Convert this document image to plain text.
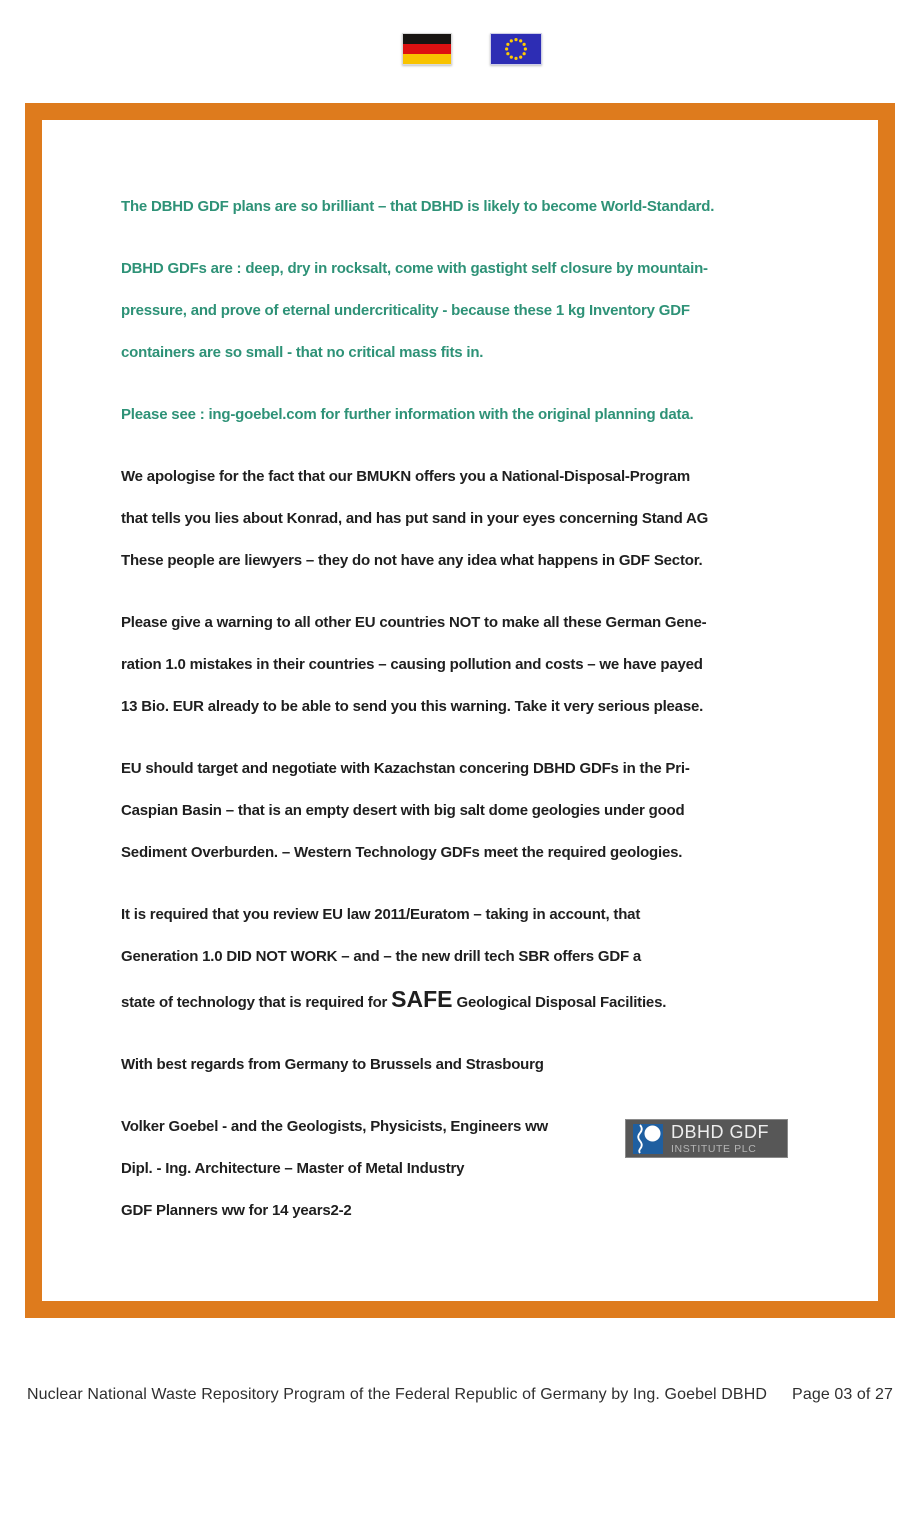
The DBHD GDF plans are so brilliant – that DBHD is likely to become World-Standard.

DBHD GDFs are : deep, dry in rocksalt, come with gastight self closure by mountain-
pressure, and prove of eternal undercriticality - because these 1 kg Inventory GDF
containers are so small - that no critical mass fits in.

Please see : ing-goebel.com for further information with the original planning data.

We apologise for the fact that our BMUKN offers you a National-Disposal-Program
that tells you lies about Konrad, and has put sand in your eyes concerning Stand AG
These people are liewyers – they do not have any idea what happens in GDF Sector.

Please give a warning to all other EU countries NOT to make all these German Gene-
ration 1.0 mistakes in their countries – causing pollution and costs – we have payed
13 Bio. EUR already to be able to send you this warning. Take it very serious please.

EU should target and negotiate with Kazachstan concering DBHD GDFs in the Pri-
Caspian Basin – that is an empty desert with big salt dome geologies under good
Sediment Overburden. – Western Technology GDFs meet the required geologies.

It is required that you review EU law 2011/Euratom – taking in account, that
Generation 1.0 DID NOT WORK – and – the new drill tech SBR offers GDF a
state of technology that is required for SAFE Geological Disposal Facilities.

With best regards from Germany to Brussels and Strasbourg

Volker Goebel - and the Geologists, Physicists, Engineers ww
Dipl. - Ing. Architecture – Master of Metal Industry
GDF Planners ww for 14 years2-2

DBHD GDF
INSTITUTE PLC
Nuclear National Waste Repository Program of the Federal Republic of Germany by Ing. Goebel DBHD Page 03 of 27
